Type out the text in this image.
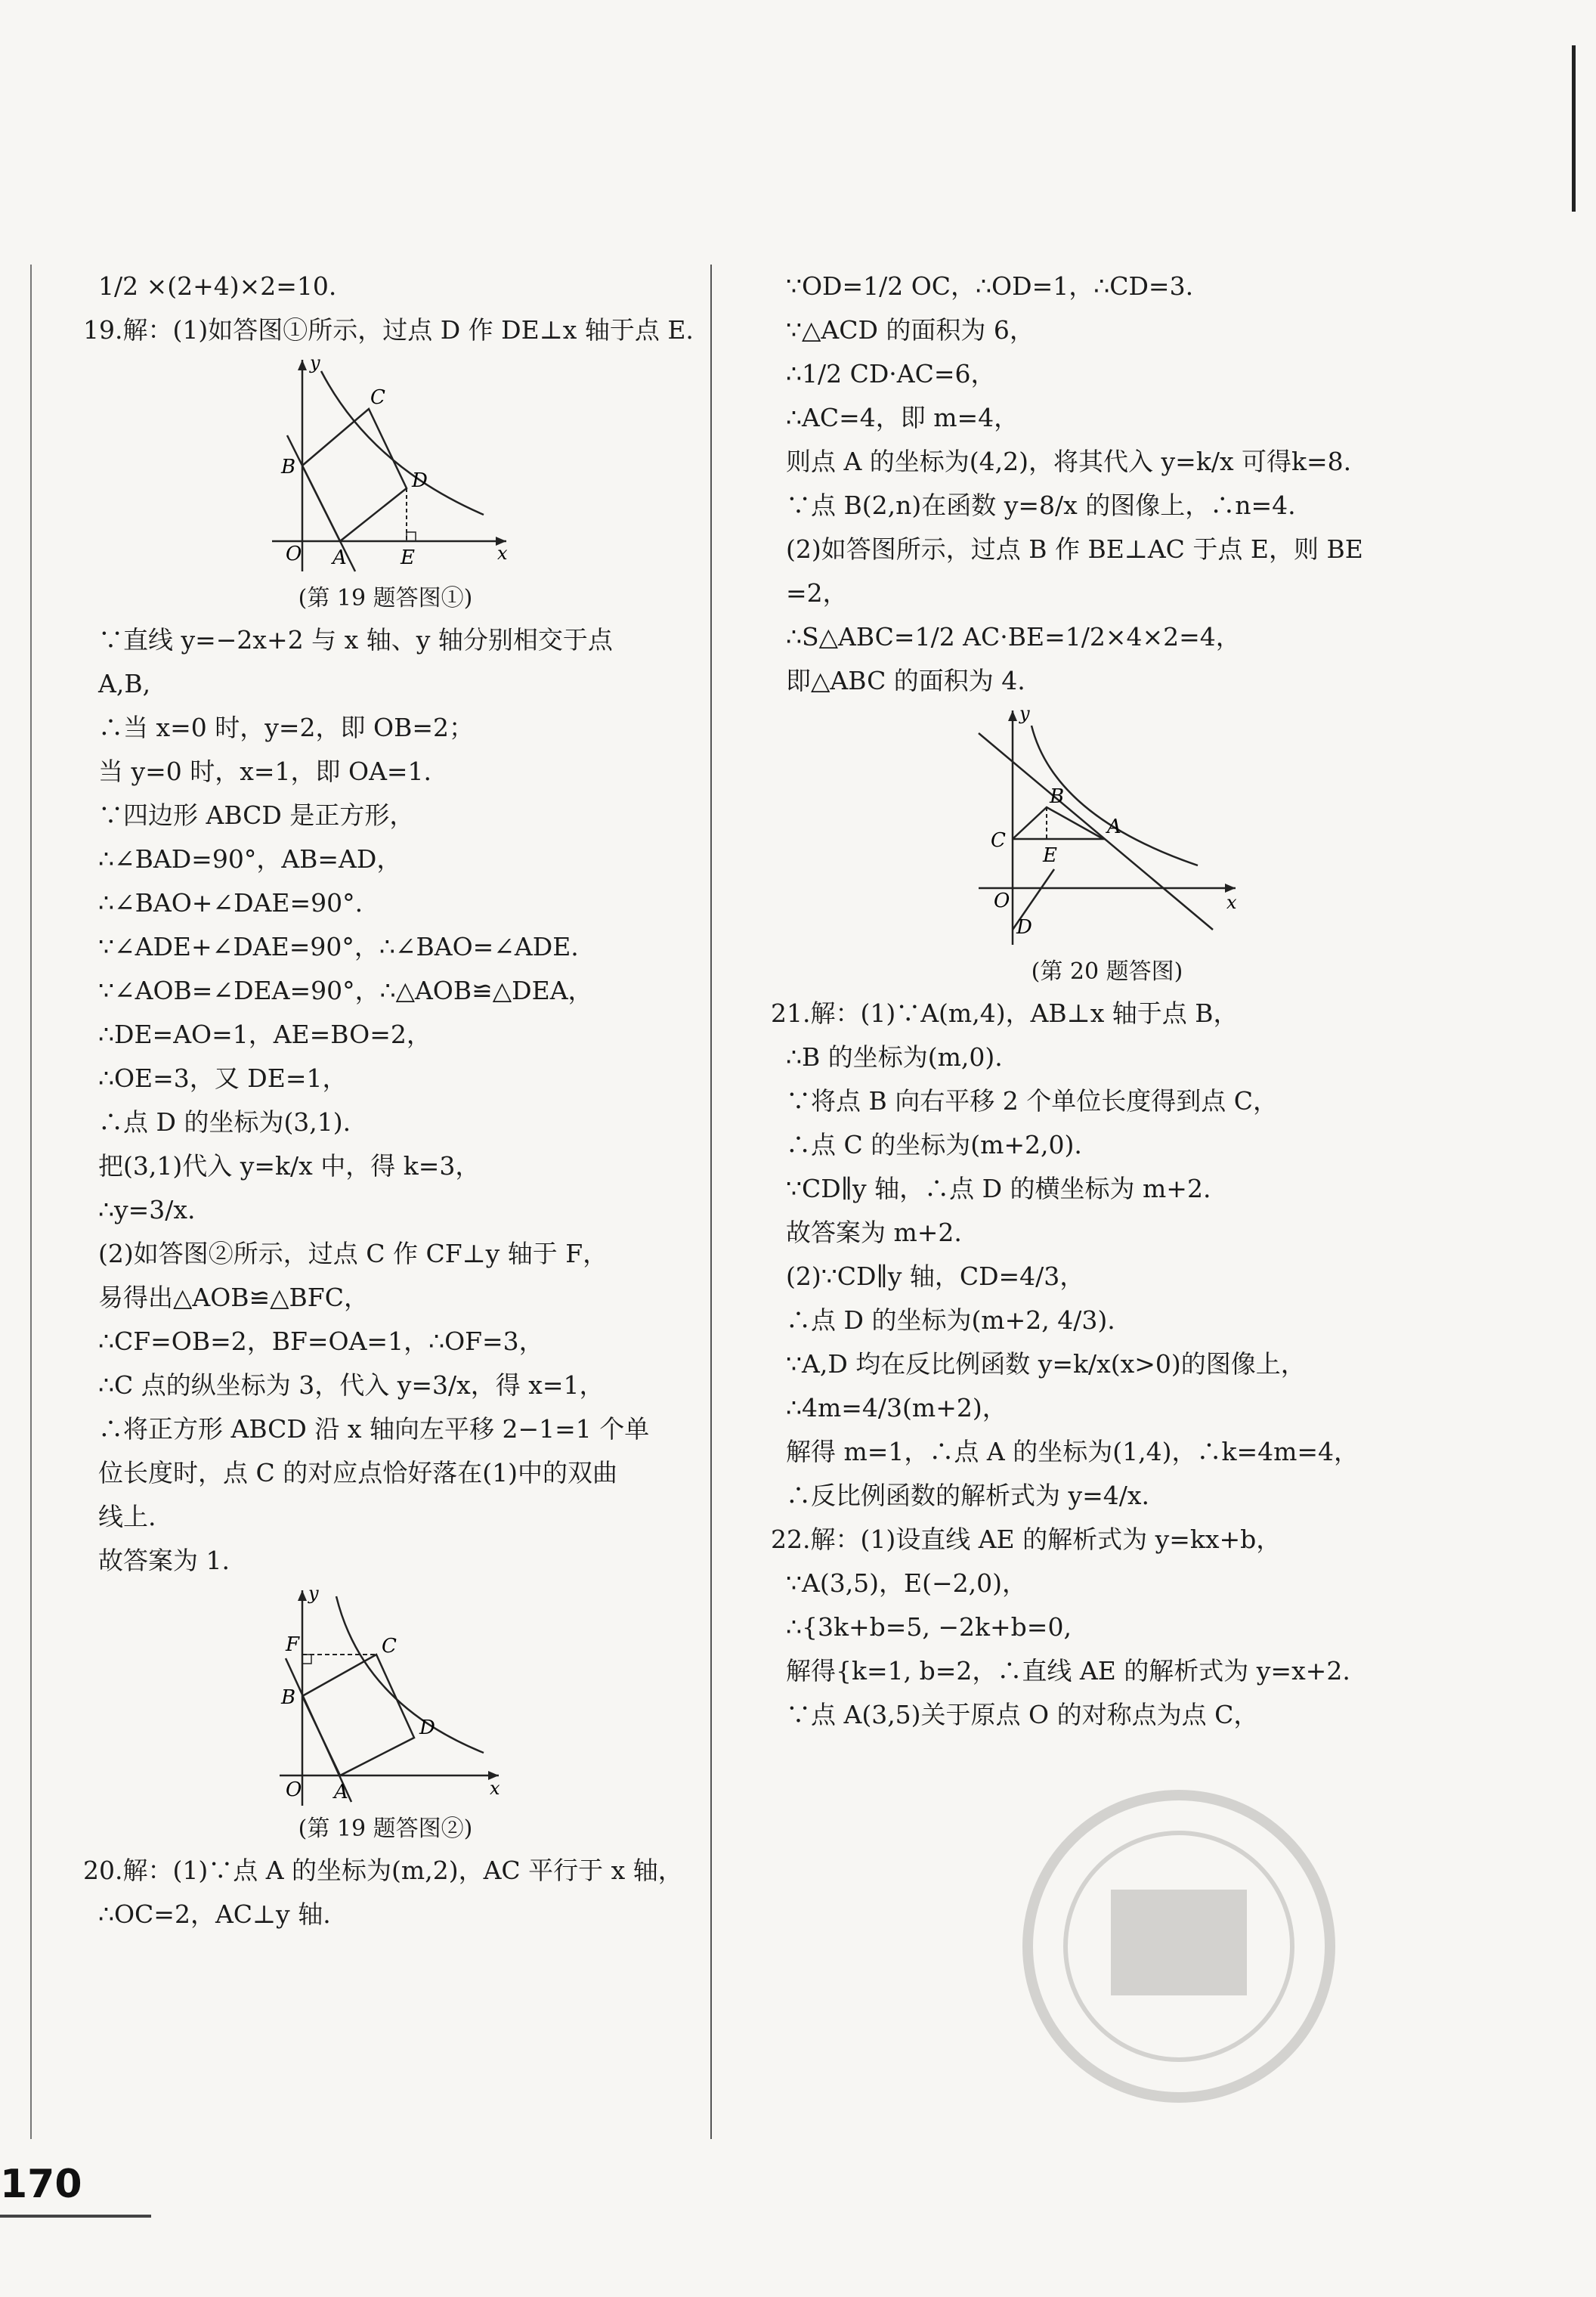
1/2 ×(2+4)×2=10.
19.解：(1)如答图①所示，过点 D 作 DE⊥x 轴于点 E.
y
x
O A
B
C
D
E
(第 19 题答图①)
∵直线 y=−2x+2 与 x 轴、y 轴分别相交于点
A,B,
∴当 x=0 时，y=2，即 OB=2；
当 y=0 时，x=1，即 OA=1.
∵四边形 ABCD 是正方形，
∴∠BAD=90°，AB=AD，
∴∠BAO+∠DAE=90°.
∵∠ADE+∠DAE=90°，∴∠BAO=∠ADE.
∵∠AOB=∠DEA=90°，∴△AOB≌△DEA，
∴DE=AO=1，AE=BO=2，
∴OE=3，又 DE=1，
∴点 D 的坐标为(3,1).
把(3,1)代入 y=k/x 中，得 k=3，
∴y=3/x.
(2)如答图②所示，过点 C 作 CF⊥y 轴于 F，
易得出△AOB≌△BFC，
∴CF=OB=2，BF=OA=1，∴OF=3，
∴C 点的纵坐标为 3，代入 y=3/x，得 x=1，
∴将正方形 ABCD 沿 x 轴向左平移 2−1=1 个单
位长度时，点 C 的对应点恰好落在(1)中的双曲
线上.
故答案为 1.
y
x
O A
B
C
D
F
(第 19 题答图②)
20.解：(1)∵点 A 的坐标为(m,2)，AC 平行于 x 轴，
∴OC=2，AC⊥y 轴.
∵OD=1/2 OC，∴OD=1，∴CD=3.
∵△ACD 的面积为 6，
∴1/2 CD·AC=6，
∴AC=4，即 m=4，
则点 A 的坐标为(4,2)，将其代入 y=k/x 可得k=8.
∵点 B(2,n)在函数 y=8/x 的图像上，∴n=4.
(2)如答图所示，过点 B 作 BE⊥AC 于点 E，则 BE
=2，
∴S△ABC=1/2 AC·BE=1/2×4×2=4，
即△ABC 的面积为 4.
y
x
O
A
B
C
D
E
(第 20 题答图)
21.解：(1)∵A(m,4)，AB⊥x 轴于点 B，
∴B 的坐标为(m,0).
∵将点 B 向右平移 2 个单位长度得到点 C，
∴点 C 的坐标为(m+2,0).
∵CD∥y 轴，∴点 D 的横坐标为 m+2.
故答案为 m+2.
(2)∵CD∥y 轴，CD=4/3，
∴点 D 的坐标为(m+2, 4/3).
∵A,D 均在反比例函数 y=k/x(x>0)的图像上，
∴4m=4/3(m+2)，
解得 m=1，∴点 A 的坐标为(1,4)，∴k=4m=4，
∴反比例函数的解析式为 y=4/x.
22.解：(1)设直线 AE 的解析式为 y=kx+b，
∵A(3,5)，E(−2,0)，
∴{3k+b=5, −2k+b=0,
解得{k=1, b=2，∴直线 AE 的解析式为 y=x+2.
∵点 A(3,5)关于原点 O 的对称点为点 C，
170
